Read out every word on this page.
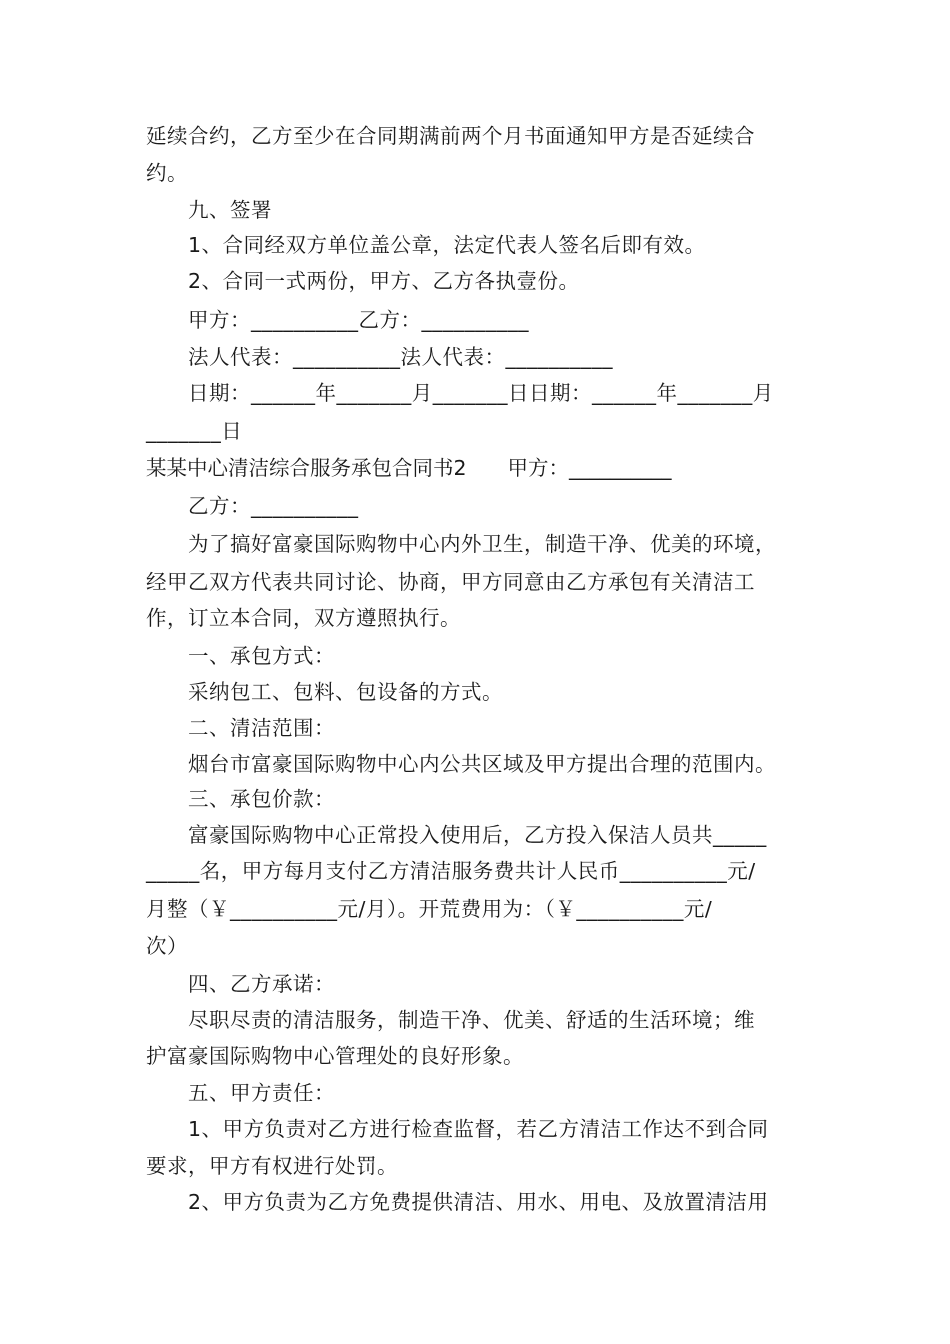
延续合约，乙方至少在合同期满前两个月书面通知甲方是否延续合
约。
九、签署
1、合同经双方单位盖公章，法定代表人签名后即有效。
2、合同一式两份，甲方、乙方各执壹份。
甲方：__________乙方：__________
法人代表：__________法人代表：__________
日期：______年_______月_______日日期：______年_______月
_______日
某某中心清洁综合服务承包合同书2　　甲方：__________
乙方：__________
为了搞好富豪国际购物中心内外卫生，制造干净、优美的环境，
经甲乙双方代表共同讨论、协商，甲方同意由乙方承包有关清洁工
作，订立本合同，双方遵照执行。
一、承包方式：
采纳包工、包料、包设备的方式。
二、清洁范围：
烟台市富豪国际购物中心内公共区域及甲方提出合理的范围内。
三、承包价款：
富豪国际购物中心正常投入使用后，乙方投入保洁人员共_____
_____名，甲方每月支付乙方清洁服务费共计人民币__________元/
月整（￥__________元/月）。开荒费用为：（￥__________元/
次）
四、乙方承诺：
尽职尽责的清洁服务，制造干净、优美、舒适的生活环境；维
护富豪国际购物中心管理处的良好形象。
五、甲方责任：
1、甲方负责对乙方进行检查监督，若乙方清洁工作达不到合同
要求，甲方有权进行处罚。
2、甲方负责为乙方免费提供清洁、用水、用电、及放置清洁用
